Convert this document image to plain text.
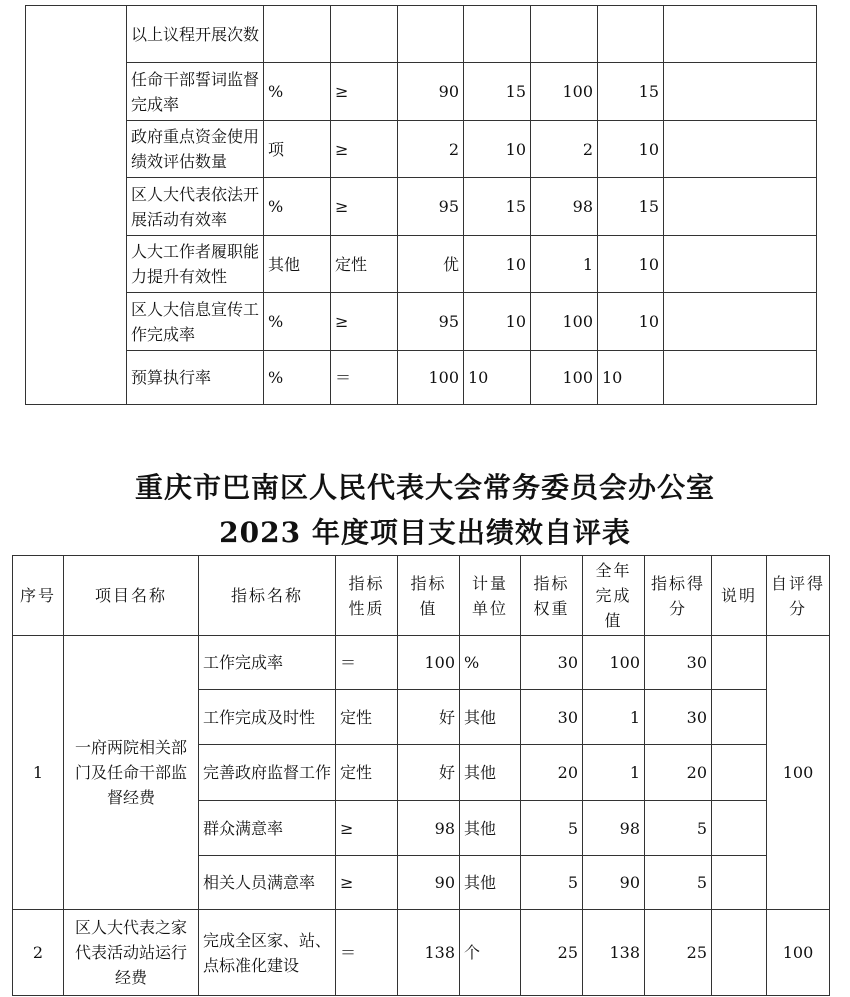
	以上议程开展次数							
	任命干部誓词监督完成率	%	≥	90	15	100	15	
	政府重点资金使用绩效评估数量	项	≥	2	10	2	10	
	区人大代表依法开展活动有效率	%	≥	95	15	98	15	
	人大工作者履职能力提升有效性	其他	定性	优	10	1	10	
	区人大信息宣传工作完成率	%	≥	95	10	100	10	
	预算执行率	%	＝	100	10	100	10	
重庆市巴南区人民代表大会常务委员会办公室
2023 年度项目支出绩效自评表
序号	项目名称	指标名称	指标性质	指标值	计量单位	指标权重	全年完成值	指标得分	说明	自评得分
1	一府两院相关部门及任命干部监督经费	工作完成率	＝	100	%	30	100	30		100
		工作完成及时性	定性	好	其他	30	1	30		
		完善政府监督工作	定性	好	其他	20	1	20		
		群众满意率	≥	98	其他	5	98	5		
		相关人员满意率	≥	90	其他	5	90	5		
2	区人大代表之家代表活动站运行经费	完成全区家、站、点标准化建设	＝	138	个	25	138	25		100
